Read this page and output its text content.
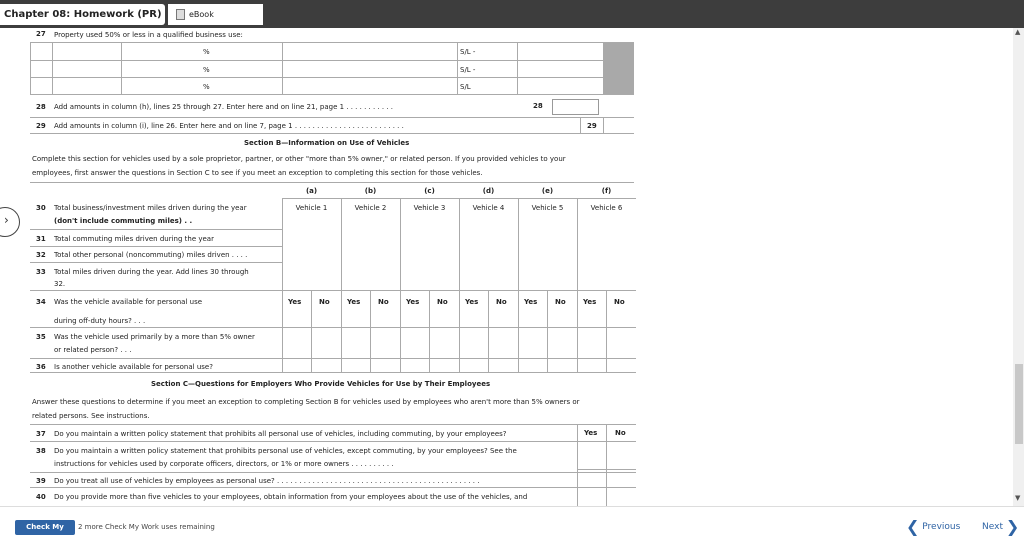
Chapter 08: Homework (PR)	eBook
›
27 Property used 50% or less in a qualified business use:
%	S/L -
%	S/L -
%	S/L
28 Add amounts in column (h), lines 25 through 27. Enter here and on line 21, page 1 . . . . . . . . . . .	28
29 Add amounts in column (i), line 26. Enter here and on line 7, page 1 . . . . . . . . . . . . . . . . . . . . . . . . .	29
Section B—Information on Use of Vehicles
Complete this section for vehicles used by a sole proprietor, partner, or other "more than 5% owner," or related person. If you provided vehicles to your
employees, first answer the questions in Section C to see if you meet an exception to completing this section for those vehicles.
(a)	(b)	(c)	(d)	(e)	(f)
Vehicle 1	Vehicle 2	Vehicle 3	Vehicle 4	Vehicle 5	Vehicle 6
30 Total business/investment miles driven during the year
(don't include commuting miles) . .
31 Total commuting miles driven during the year
32 Total other personal (noncommuting) miles driven . . . .
33 Total miles driven during the year. Add lines 30 through
32.
Yes	No Yes	No Yes	No Yes	No Yes	No Yes	No
34 Was the vehicle available for personal use
during off-duty hours? . . .
35 Was the vehicle used primarily by a more than 5% owner
or related person? . . .
36 Is another vehicle available for personal use?
Section C—Questions for Employers Who Provide Vehicles for Use by Their Employees
Answer these questions to determine if you meet an exception to completing Section B for vehicles used by employees who aren't more than 5% owners or
related persons. See instructions.
Yes	No
37 Do you maintain a written policy statement that prohibits all personal use of vehicles, including commuting, by your employees?
38 Do you maintain a written policy statement that prohibits personal use of vehicles, except commuting, by your employees? See the
instructions for vehicles used by corporate officers, directors, or 1% or more owners . . . . . . . . . .
39 Do you treat all use of vehicles by employees as personal use? . . . . . . . . . . . . . . . . . . . . . . . . . . . . . . . . . . . . . . . . . . . . . .
40 Do you provide more than five vehicles to your employees, obtain information from your employees about the use of the vehicles, and
▲
▼
Check My Work
2 more Check My Work uses remaining	❮ Previous Next ❯
